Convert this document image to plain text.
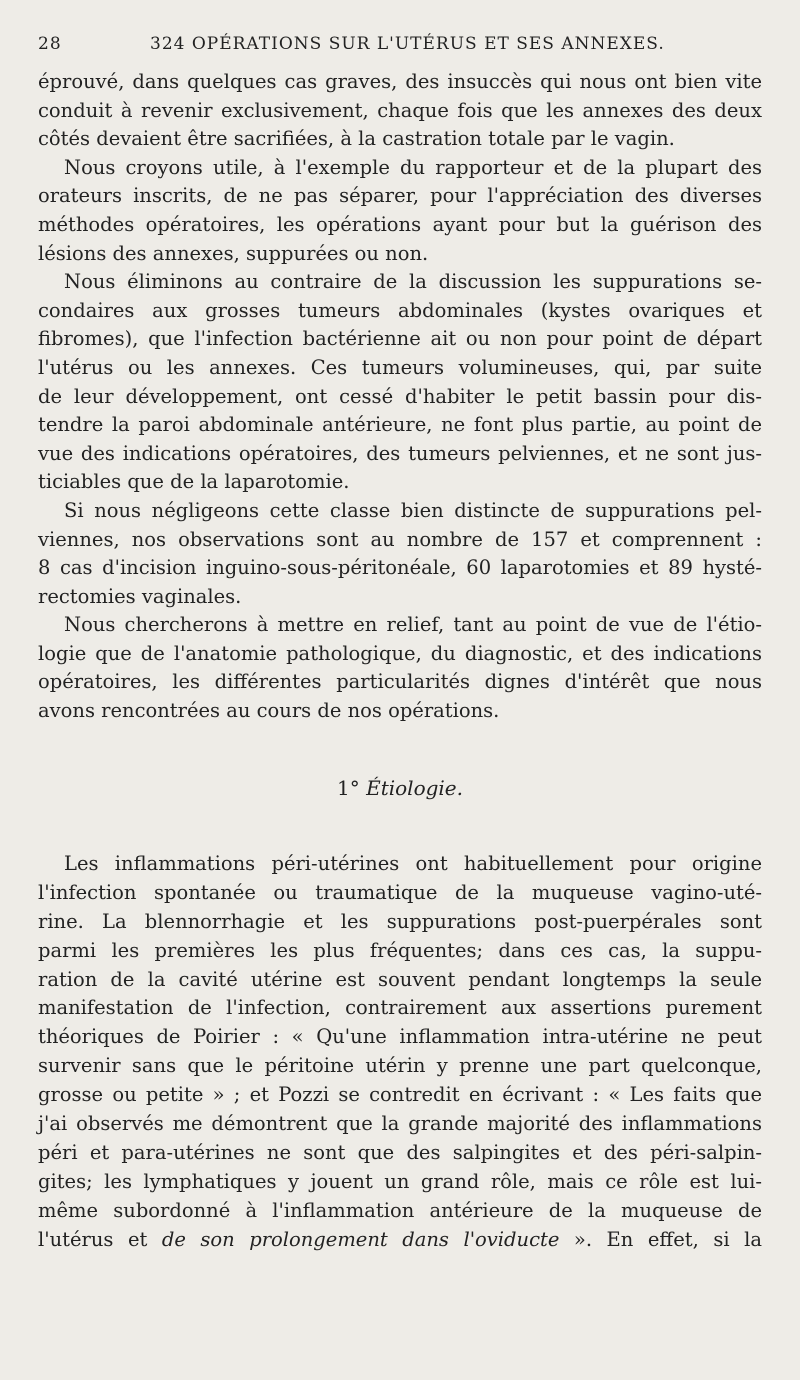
28	324 OPÉRATIONS SUR L'UTÉRUS ET SES ANNEXES.
éprouvé, dans quelques cas graves, des insuccès qui nous ont bien vite
conduit à revenir exclusivement, chaque fois que les annexes des deux
côtés devaient être sacrifiées, à la castration totale par le vagin.
Nous croyons utile, à l'exemple du rapporteur et de la plupart des
orateurs inscrits, de ne pas séparer, pour l'appréciation des diverses
méthodes opératoires, les opérations ayant pour but la guérison des
lésions des annexes, suppurées ou non.
Nous éliminons au contraire de la discussion les suppurations se-
condaires aux grosses tumeurs abdominales (kystes ovariques et
fibromes), que l'infection bactérienne ait ou non pour point de départ
l'utérus ou les annexes. Ces tumeurs volumineuses, qui, par suite
de leur développement, ont cessé d'habiter le petit bassin pour dis-
tendre la paroi abdominale antérieure, ne font plus partie, au point de
vue des indications opératoires, des tumeurs pelviennes, et ne sont jus-
ticiables que de la laparotomie.
Si nous négligeons cette classe bien distincte de suppurations pel-
viennes, nos observations sont au nombre de 157 et comprennent :
8 cas d'incision inguino-sous-péritonéale, 60 laparotomies et 89 hysté-
rectomies vaginales.
Nous chercherons à mettre en relief, tant au point de vue de l'étio-
logie que de l'anatomie pathologique, du diagnostic, et des indications
opératoires, les différentes particularités dignes d'intérêt que nous
avons rencontrées au cours de nos opérations.
1° Étiologie.
Les inflammations péri-utérines ont habituellement pour origine
l'infection spontanée ou traumatique de la muqueuse vagino-uté-
rine. La blennorrhagie et les suppurations post-puerpérales sont
parmi les premières les plus fréquentes; dans ces cas, la suppu-
ration de la cavité utérine est souvent pendant longtemps la seule
manifestation de l'infection, contrairement aux assertions purement
théoriques de Poirier : « Qu'une inflammation intra-utérine ne peut
survenir sans que le péritoine utérin y prenne une part quelconque,
grosse ou petite » ; et Pozzi se contredit en écrivant : « Les faits que
j'ai observés me démontrent que la grande majorité des inflammations
péri et para-utérines ne sont que des salpingites et des péri-salpin-
gites; les lymphatiques y jouent un grand rôle, mais ce rôle est lui-
même subordonné à l'inflammation antérieure de la muqueuse de
l'utérus et de son prolongement dans l'oviducte ». En effet, si la
